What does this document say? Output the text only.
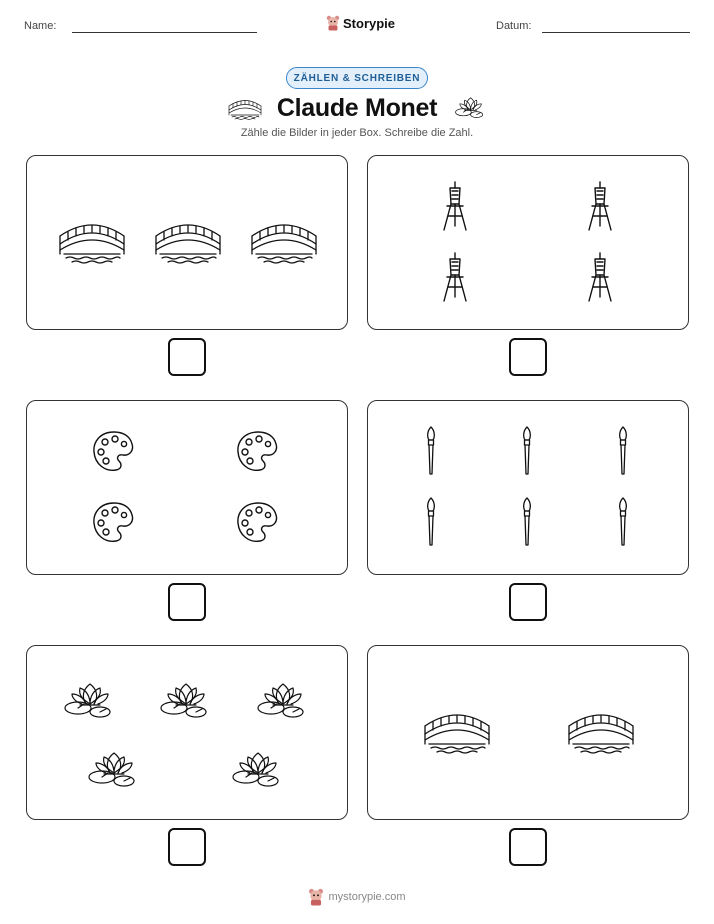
Name:	Storypie	Datum:
ZÄHLEN & SCHREIBEN
Claude Monet
Zähle die Bilder in jeder Box. Schreibe die Zahl.
mystorypie.com
